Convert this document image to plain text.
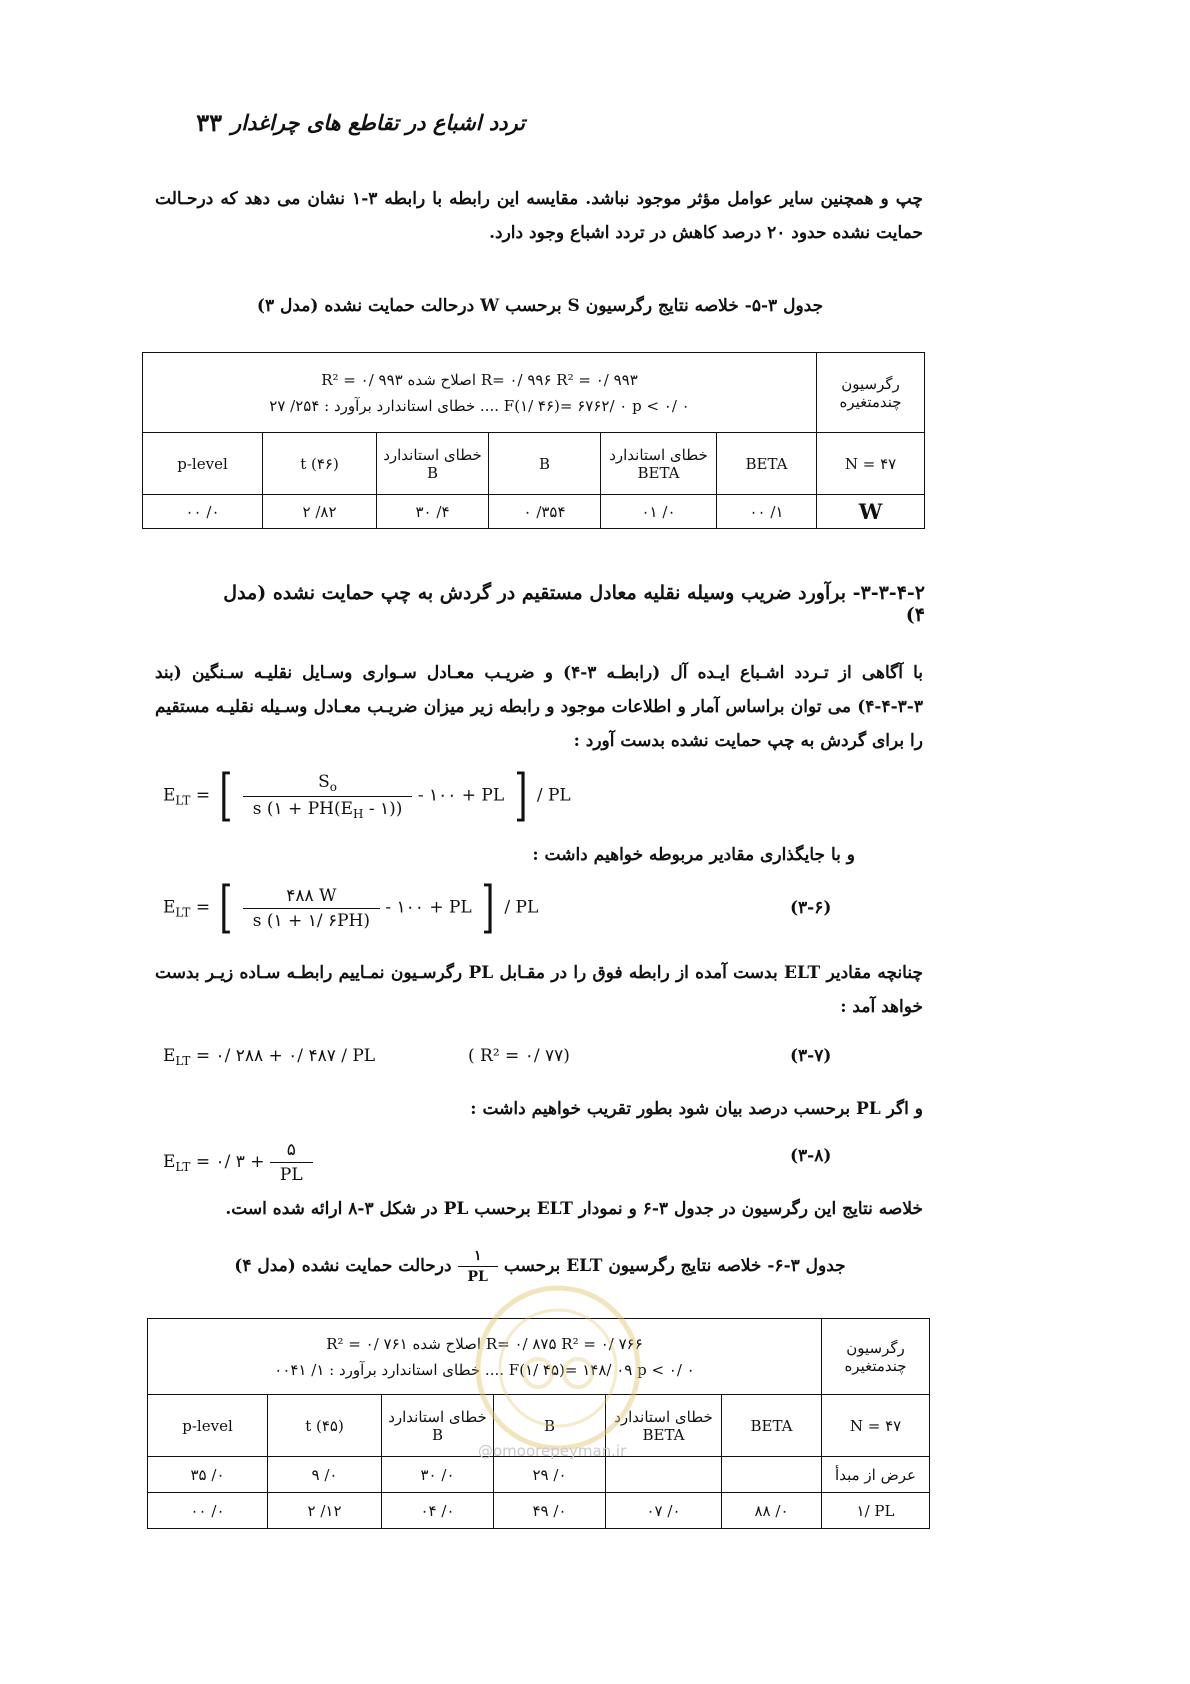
۳۳ تردد اشباع در تقاطع های چراغدار
چپ و همچنین سایر عوامل مؤثر موجود نباشد. مقایسه این رابطه با رابطه ۳-۱ نشان می دهد که درحـالت حمایت نشده حدود ۲۰ درصد کاهش در تردد اشباع وجود دارد.
جدول ۳-۵- خلاصه نتایج رگرسیون S برحسب W درحالت حمایت نشده (مدل ۳)
رگرسیون چندمتغیره	R= ۰/ ۹۹۶ R² = ۰/ ۹۹۳ اصلاح شده R² = ۰/ ۹۹۳
F(۱/ ۴۶)= ۶۷۶۲/ ۰ p < ۰/ ۰ .... خطای استاندارد برآورد : ۲۵۴/ ۲۷					

N = ۴۷	BETA	خطای استاندارد BETA	B	خطای استاندارد B	t (۴۶)	p-level
W	۱/ ۰۰	۰/ ۰۱	۳۵۴/ ۰	۴/ ۳۰	۸۲/ ۲	۰/ ۰۰
۳-۳-۴-۲- برآورد ضریب وسیله نقلیه معادل مستقیم در گردش به چپ حمایت نشده (مدل ۴)
با آگاهی از تـردد اشـباع ایـده آل (رابطـه ۳-۴) و ضریـب معـادل سـواری وسـایل نقلیـه سـنگین (بند ۳-۳-۴-۴) می توان براساس آمار و اطلاعات موجود و رابطه زیر میزان ضریـب معـادل وسـیله نقلیـه مستقیم را برای گردش به چپ حمایت نشده بدست آورد :
$E_{LT}$ = [ $\frac{S_o}{s (۱ + PH(E_H - ۱))}$ - ۱۰۰ + PL ] / PL
و با جایگذاری مقادیر مربوطه خواهیم داشت :
$E_{LT}$ = [ $\frac{۴۸۸ W}{s (۱ + ۱/ ۶PH)}$ - ۱۰۰ + PL ] / PL	(۳-۶)
چنانچه مقادیر ELT بدست آمده از رابطه فوق را در مقـابل PL رگرسـیون نمـاییم رابطـه سـاده زیـر بدست خواهد آمد :
$E_{LT}$ = ۰/ ۲۸۸ + ۰/ ۴۸۷ / PL	( R² = ۰/ ۷۷)	(۳-۷)
و اگر PL برحسب درصد بیان شود بطور تقریب خواهیم داشت :
$E_{LT}$ = ۰/ ۳ + $\frac{۵}{PL}$	(۳-۸)
خلاصه نتایج این رگرسیون در جدول ۳-۶ و نمودار ELT برحسب PL در شکل ۳-۸ ارائه شده است.
جدول ۳-۶- خلاصه نتایج رگرسیون ELT برحسب
$\frac{۱}{PL}$
درحالت حمایت نشده (مدل ۴)
رگرسیون چندمتغیره	R= ۰/ ۸۷۵ R² = ۰/ ۷۶۶ اصلاح شده R² = ۰/ ۷۶۱
F(۱/ ۴۵)= ۱۴۸/ ۰۹ p < ۰/ ۰ .... خطای استاندارد برآورد : ۱/ ۰۰۴۱					

N = ۴۷	BETA	خطای استاندارد BETA	B	خطای استاندارد B	t (۴۵)	p-level
عرض از مبدأ			۰/ ۲۹	۰/ ۳۰	۰/ ۹	۰/ ۳۵
۱/ PL	۰/ ۸۸	۰/ ۰۷	۰/ ۴۹	۰/ ۰۴	۱۲/ ۲	۰/ ۰۰
@omoorepeyman.ir
